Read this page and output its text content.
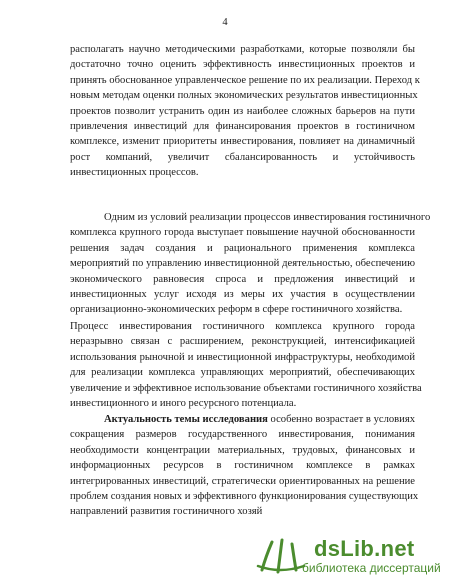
4
располагать научно методическими разработками, которые позволяли бы
достаточно точно оценить эффективность инвестиционных проектов и
принять обоснованное управленческое решение по их реализации. Переход к
новым методам оценки полных экономических результатов инвестиционных
проектов позволит устранить один из наиболее сложных барьеров на пути
привлечения инвестиций для финансирования проектов в гостиничном
комплексе, изменит приоритеты инвестирования, повлияет на динамичный
рост компаний, увеличит сбалансированность и устойчивость
инвестиционных процессов.
Одним из условий реализации процессов инвестирования гостиничного
комплекса крупного города выступает повышение научной обоснованности
решения задач создания и рационального применения комплекса
мероприятий по управлению инвестиционной деятельностью, обеспечению
экономического равновесия спроса и предложения инвестиций и
инвестиционных услуг исходя из меры их участия в осуществлении
организационно-экономических реформ в сфере гостиничного хозяйства.
Процесс инвестирования гостиничного комплекса крупного города
неразрывно связан с расширением, реконструкцией, интенсификацией
использования рыночной и инвестиционной инфраструктуры, необходимой
для реализации комплекса управляющих мероприятий, обеспечивающих
увеличение и эффективное использование объектами гостиничного хозяйства
инвестиционного и иного ресурсного потенциала.
Актуальность темы исследования особенно возрастает в условиях
сокращения размеров государственного инвестирования, понимания
необходимости концентрации материальных, трудовых, финансовых и
информационных ресурсов в гостиничном комплексе в рамках
интегрированных инвестиций, стратегически ориентированных на решение
проблем создания новых и эффективного функционирования существующих
направлений развития гостиничного хозяй
dsLib.net
библиотека диссертаций
